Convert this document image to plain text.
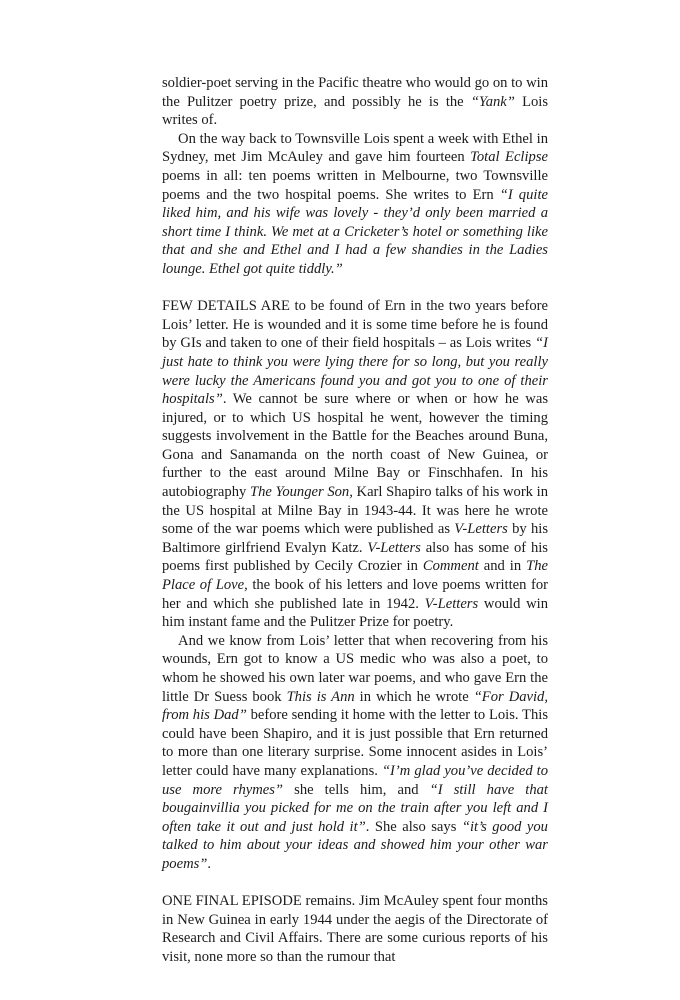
soldier-poet serving in the Pacific theatre who would go on to win the Pulitzer poetry prize, and possibly he is the “Yank” Lois writes of.

On the way back to Townsville Lois spent a week with Ethel in Sydney, met Jim McAuley and gave him fourteen Total Eclipse poems in all: ten poems written in Melbourne, two Townsville poems and the two hospital poems. She writes to Ern “I quite liked him, and his wife was lovely - they’d only been married a short time I think. We met at a Cricketer’s hotel or something like that and she and Ethel and I had a few shandies in the Ladies lounge. Ethel got quite tiddly.”

FEW DETAILS ARE to be found of Ern in the two years before Lois’ letter. He is wounded and it is some time before he is found by GIs and taken to one of their field hospitals – as Lois writes “I just hate to think you were lying there for so long, but you really were lucky the Americans found you and got you to one of their hospitals”. We cannot be sure where or when or how he was injured, or to which US hospital he went, however the timing suggests involvement in the Battle for the Beaches around Buna, Gona and Sanamanda on the north coast of New Guinea, or further to the east around Milne Bay or Finschhafen. In his autobiography The Younger Son, Karl Shapiro talks of his work in the US hospital at Milne Bay in 1943-44. It was here he wrote some of the war poems which were published as V-Letters by his Baltimore girlfriend Evalyn Katz. V-Letters also has some of his poems first published by Cecily Crozier in Comment and in The Place of Love, the book of his letters and love poems written for her and which she published late in 1942. V-Letters would win him instant fame and the Pulitzer Prize for poetry.

And we know from Lois’ letter that when recovering from his wounds, Ern got to know a US medic who was also a poet, to whom he showed his own later war poems, and who gave Ern the little Dr Suess book This is Ann in which he wrote “For David, from his Dad” before sending it home with the letter to Lois. This could have been Shapiro, and it is just possible that Ern returned to more than one literary surprise. Some innocent asides in Lois’ letter could have many explanations. “I’m glad you’ve decided to use more rhymes” she tells him, and “I still have that bougainvillia you picked for me on the train after you left and I often take it out and just hold it”. She also says “it’s good you talked to him about your ideas and showed him your other war poems”.

ONE FINAL EPISODE remains. Jim McAuley spent four months in New Guinea in early 1944 under the aegis of the Directorate of Research and Civil Affairs. There are some curious reports of his visit, none more so than the rumour that
